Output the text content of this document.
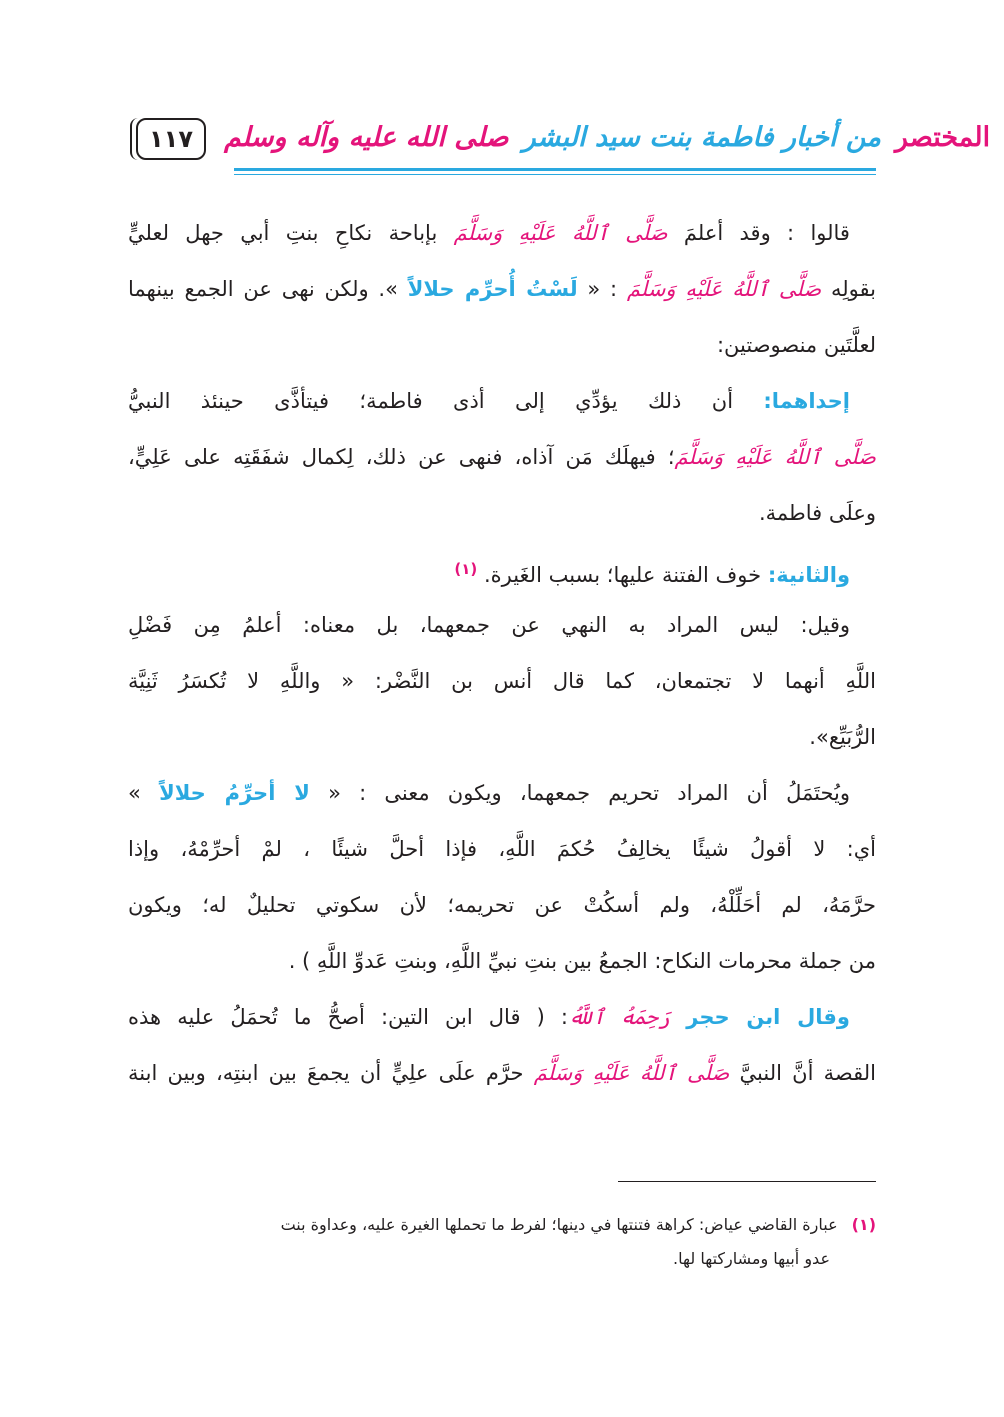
١١٧	المختصر
من أخبار فاطمة بنت سيد البشر
صلى الله عليه وآله وسلم
قالوا : وقد أعلمَ صَلَّى ٱللَّهُ عَلَيْهِ وَسَلَّمَ بإباحة نكاحِ بنتِ أبي جهل لعليٍّ
بقولِه صَلَّى ٱللَّهُ عَلَيْهِ وَسَلَّمَ : « لَسْتُ أُحرِّم حلالاً ». ولكن نهى عن الجمع بينهما
لعلَّتَين منصوصتين:
إحداهما: أن ذلك يؤدِّي إلى أذى فاطمة؛ فيتأذَّى حينئذ النبيُّ
صَلَّى ٱللَّهُ عَلَيْهِ وَسَلَّمَ؛ فيهلَك مَن آذاه، فنهى عن ذلك، لِكمال شفَقَتِه على عَلِيٍّ،
وعلَى فاطمة.
والثانية: خوف الفتنة عليها؛ بسبب الغَيرة. $^{(١)}$
وقيل: ليس المراد به النهي عن جمعهما، بل معناه: أعلمُ مِن فَضْلِ
اللَّهِ أنهما لا تجتمعان، كما قال أنس بن النَّضْر: « واللَّهِ لا تُكسَرُ ثَنِيَّة
الرُّبَيِّع».
ويُحتَمَلُ أن المراد تحريم جمعهما، ويكون معنى : « لا أحرِّمُ حلالاً »
أي: لا أقولُ شيئًا يخالِفُ حُكمَ اللَّهِ، فإذا أحلَّ شيئًا ، لمْ أحرِّمْهُ، وإذا
حرَّمَهُ، لم أحَلِّلْهُ، ولم أسكُتْ عن تحريمه؛ لأن سكوتي تحليلٌ له؛ ويكون
من جملة محرمات النكاح: الجمعُ بين بنتِ نبيِّ اللَّهِ، وبنتِ عَدوِّ اللَّهِ ) .
وقال ابن حجر رَحِمَهُ ٱللَّهُ: ( قال ابن التين: أصحُّ ما تُحمَلُ عليه هذه
القصة أنَّ النبيَّ صَلَّى ٱللَّهُ عَلَيْهِ وَسَلَّمَ حرَّم علَى علِيٍّ أن يجمعَ بين ابنتِه، وبين ابنة
(١)عبارة القاضي عياض: كراهة فتنتها في دينها؛ لفرط ما تحملها الغيرة عليه، وعداوة بنت
عدو أبيها ومشاركتها لها.
